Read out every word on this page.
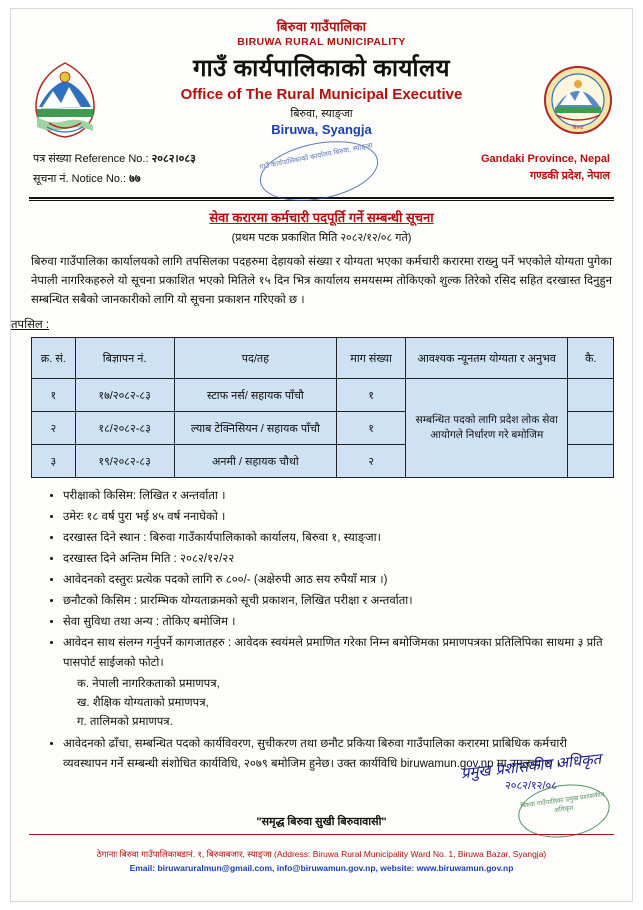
बिरुवा गाउँपालिका
BIRUWA RURAL MUNICIPALITY
गाउँ कार्यपालिकाको कार्यालय
Office of The Rural Municipal Executive
बिरुवा, स्याङ्जा
Biruwa, Syangja	बिरुवा
पत्र संख्या Reference No.: २०८२।०८३
सूचना नं. Notice No.: ७७
गाउँ कार्यपालिकाको कार्यालय बिरुवा, स्याङ्जा	Gandaki Province, Nepal
गण्डकी प्रदेश, नेपाल
सेवा करारमा कर्मचारी पदपूर्ति गर्ने सम्बन्धी सूचना
(प्रथम पटक प्रकाशित मिति २०८२/१२/०८ गते)
बिरुवा गाउँपालिका कार्यालयको लागि तपसिलका पदहरुमा देहायको संख्या र योग्यता भएका कर्मचारी करारमा राख्नु पर्ने भएकोले योग्यता पुगेका नेपाली नागरिकहरुले यो सूचना प्रकाशित भएको मितिले १५ दिन भित्र कार्यालय समयसम्म तोकिएको शुल्क तिरेको रसिद सहित दरखास्त दिनुहुन सम्बन्धित सबैको जानकारीको लागि यो सूचना प्रकाशन गरिएको छ ।
तपसिल :
क्र. सं.	बिज्ञापन नं.	पद/तह	माग संख्या	आवश्यक न्यूनतम योग्यता र अनुभव	कै.
१	१७/२०८२-८३	स्टाफ नर्स/ सहायक पाँचौ	१	सम्बन्धित पदको लागि प्रदेश लोक सेवा आयोगले निर्धारण गरे बमोजिम	
२	१८/२०८२-८३	ल्याब टेक्निसियन / सहायक पाँचौ	१		
३	१९/२०८२-८३	अनमी / सहायक चौथो	२		
• परीक्षाको किसिम: लिखित र अन्तर्वाता ।
• उमेरः १८ वर्ष पुरा भई ४५ वर्ष ननाघेको ।
• दरखास्त दिने स्थान : बिरुवा गाउँकार्यपालिकाको कार्यालय, बिरुवा १, स्याङ्जा।
• दरखास्त दिने अन्तिम मिति : २०८२/१२/२२
• आवेदनको दस्तुरः प्रत्येक पदको लागि रु ८००/- (अक्षेरुपी आठ सय रुपैयाँ मात्र ।)
• छनौटको किसिम : प्रारम्भिक योग्यताक्रमको सूची प्रकाशन, लिखित परीक्षा र अन्तर्वाता।
• सेवा सुविधा तथा अन्य : तोकिए बमोजिम ।
• आवेदन साथ संलग्न गर्नुपर्ने कागजातहरु : आवेदक स्वयंमले प्रमाणित गरेका निम्न बमोजिमका प्रमाणपत्रका प्रतिलिपिका साथमा ३ प्रति पासपोर्ट साईजको फोटो।
क. नेपाली नागरिकताको प्रमाणपत्र,
ख. शैक्षिक योग्यताको प्रमाणपत्र,
ग. तालिमको प्रमाणपत्र.
• आवेदनको ढाँचा, सम्बन्धित पदको कार्यविवरण, सुचीकरण तथा छनौट प्रकिया बिरुवा गाउँपालिका करारमा प्राबिधिक कर्मचारी व्यवस्थापन गर्ने सम्बन्धी संशोधित कार्यविधि, २०७९ बमोजिम हुनेछ। उक्त कार्यविधि biruwamun.gov.np मा उपलब्ध छ ।
प्रमुख प्रशासकीय अधिकृत
२०८२/१२/०८
बिरुवा गाउँपालिका प्रमुख प्रशासकीय अधिकृत
"समृद्ध बिरुवा सुखी बिरुवावासी"
ठेगानाः बिरुवा गाउँपालिकाबडानं. १, बिरुवाबजार, स्याङ्जा (Address: Biruwa Rural Municipality Ward No. 1, Biruwa Bazar, Syangja)
Email: biruwaruralmun@gmail.com, info@biruwamun.gov.np, website: www.biruwamun.gov.np
